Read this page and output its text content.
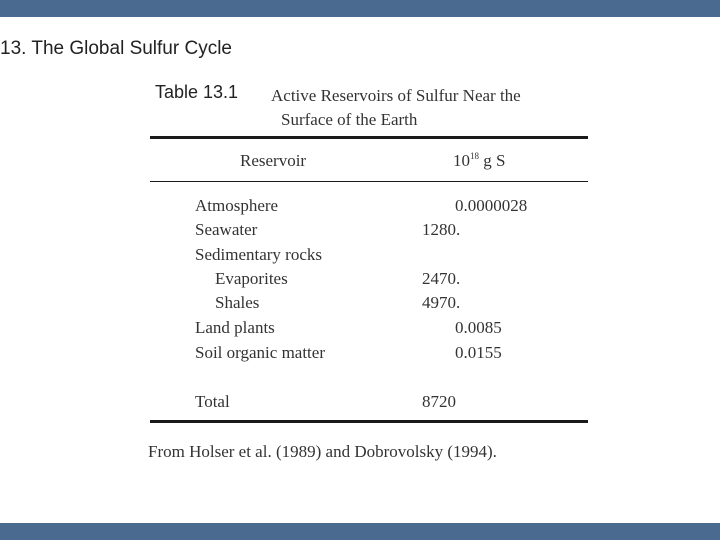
13. The Global Sulfur Cycle
Table 13.1 Active Reservoirs of Sulfur Near the
Surface of the Earth
Reservoir	$10^{18}$ g S
Atmosphere	0.0000028
Seawater	1280.
Sedimentary rocks
Evaporites	2470.
Shales	4970.
Land plants	0.0085
Soil organic matter	0.0155
Total	8720
From Holser et al. (1989) and Dobrovolsky (1994).
